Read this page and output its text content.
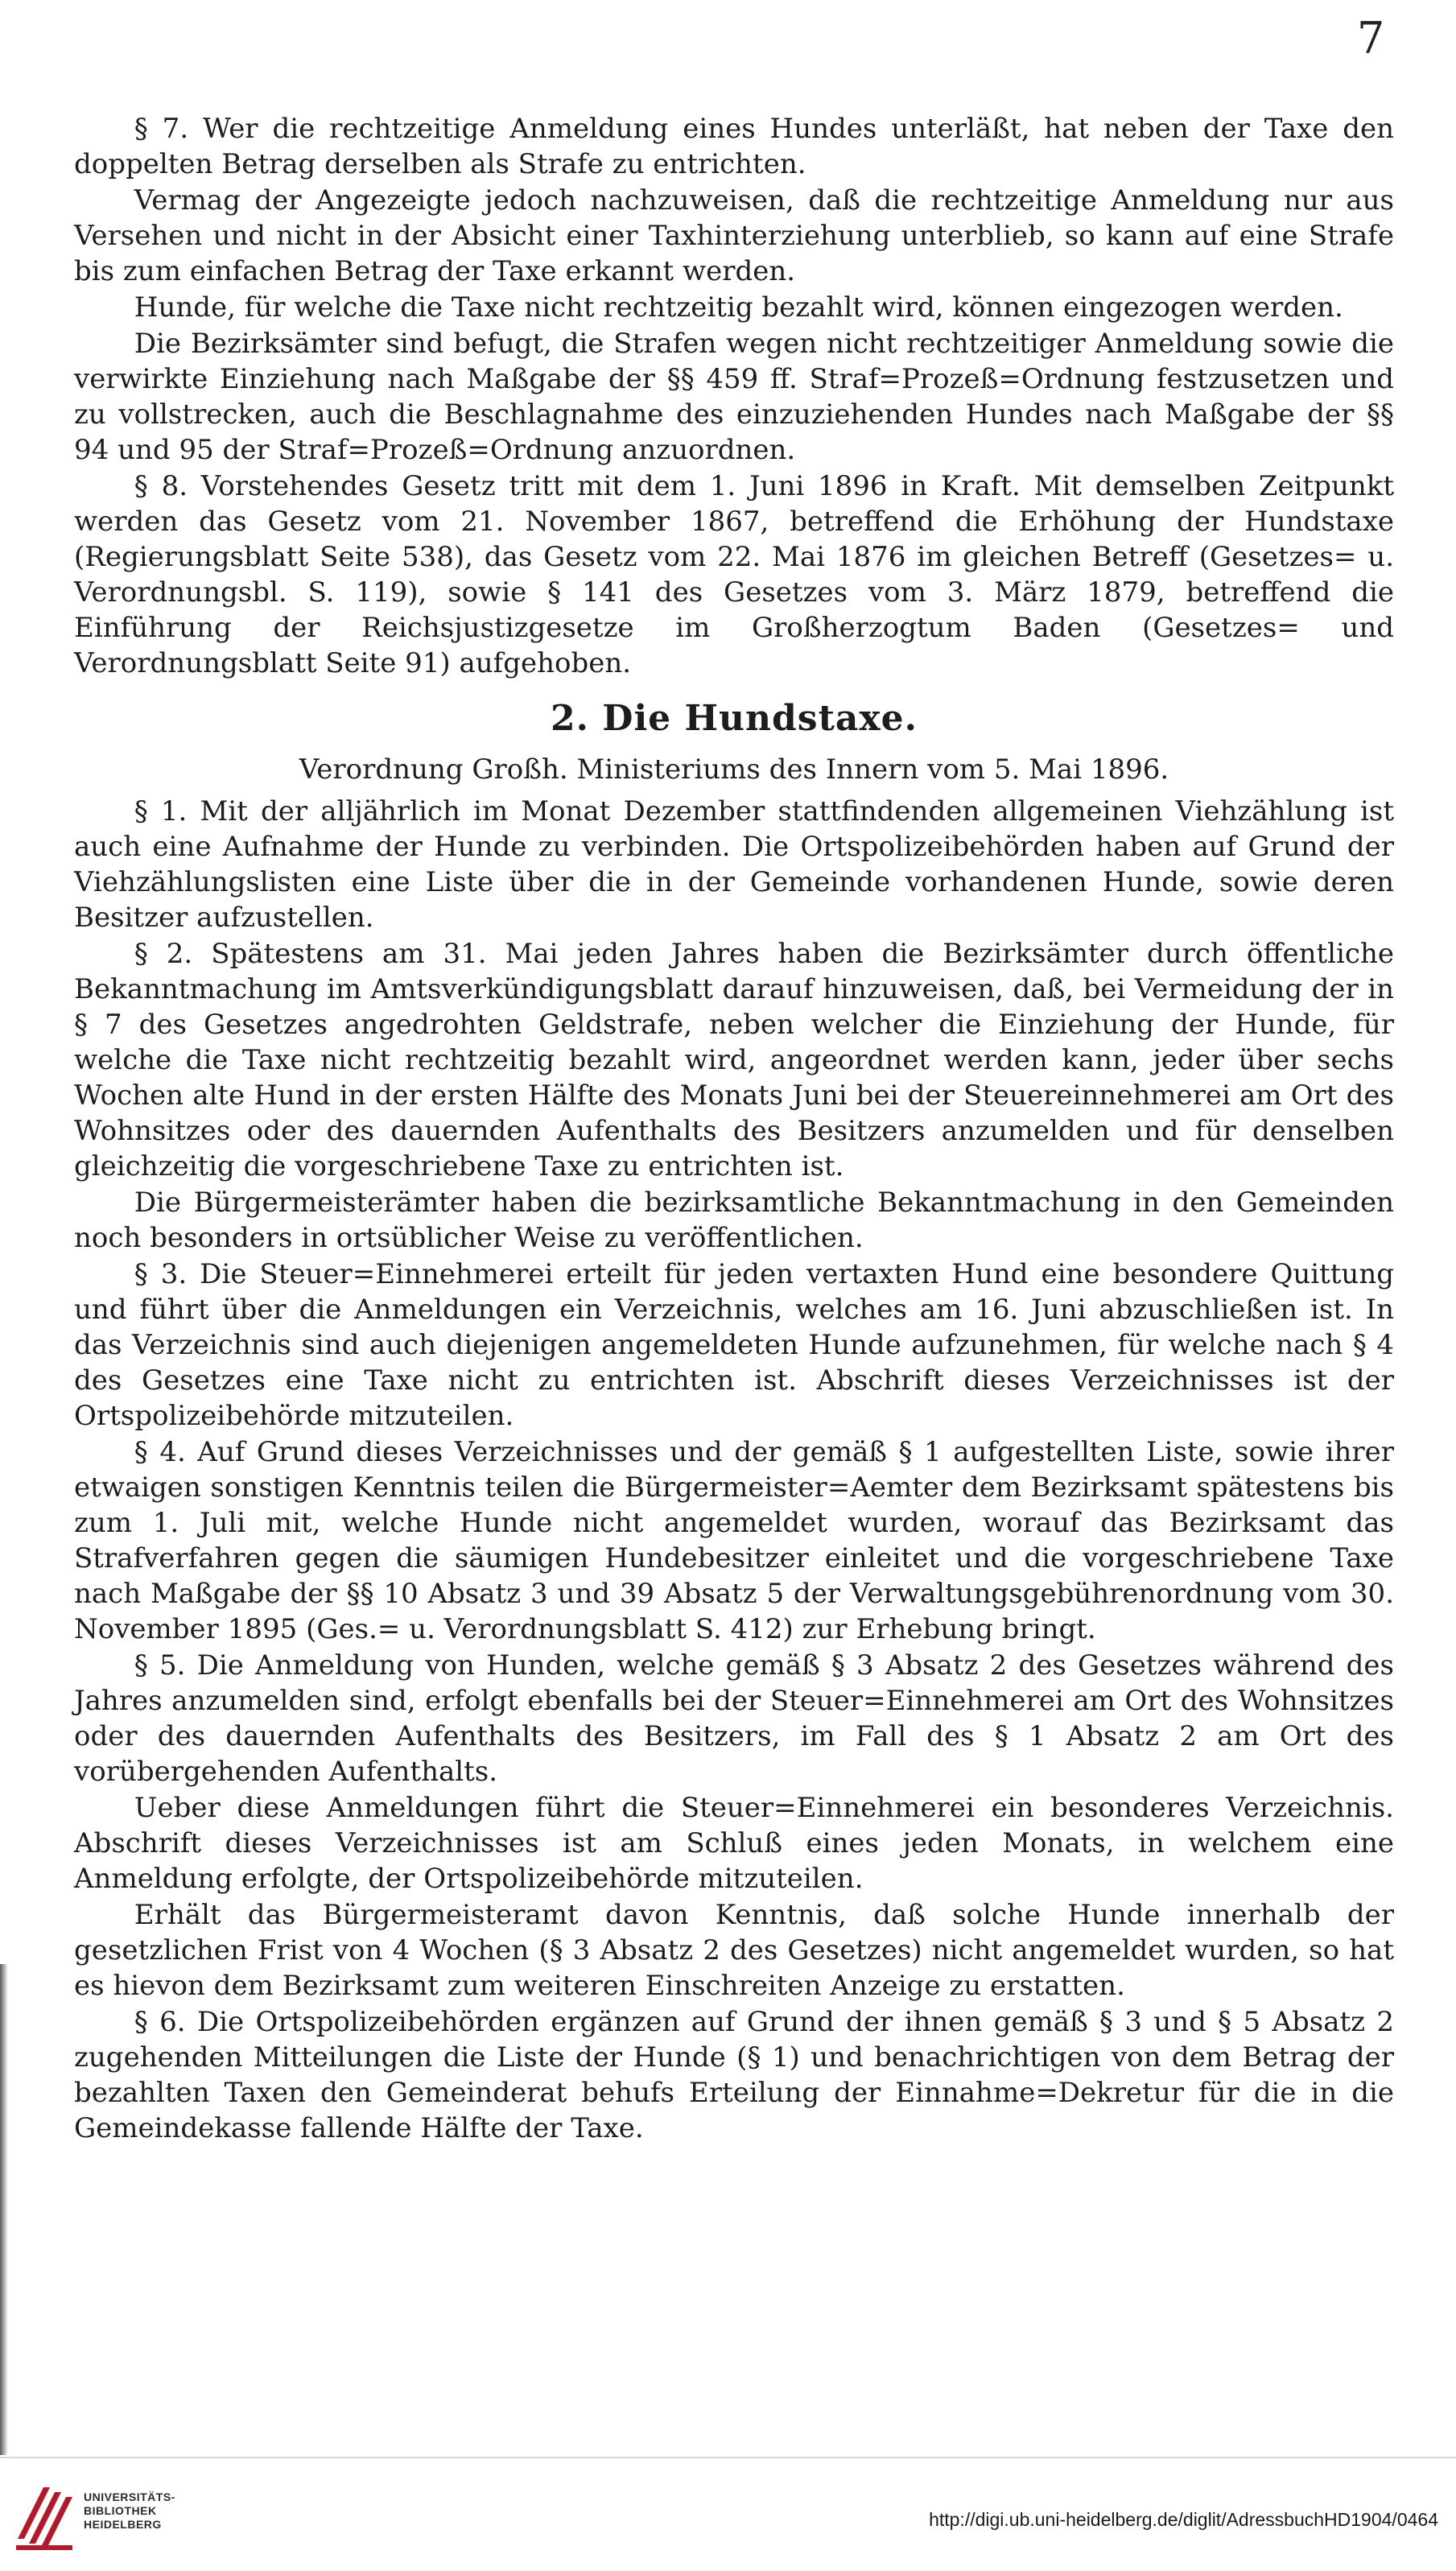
7

§ 7. Wer die rechtzeitige Anmeldung eines Hundes unterläßt, hat neben der Taxe den doppelten Betrag derselben als Strafe zu entrichten.

Vermag der Angezeigte jedoch nachzuweisen, daß die rechtzeitige Anmeldung nur aus Versehen und nicht in der Absicht einer Taxhinterziehung unterblieb, so kann auf eine Strafe bis zum einfachen Betrag der Taxe erkannt werden.

Hunde, für welche die Taxe nicht rechtzeitig bezahlt wird, können eingezogen werden.

Die Bezirksämter sind befugt, die Strafen wegen nicht rechtzeitiger Anmeldung sowie die verwirkte Einziehung nach Maßgabe der §§ 459 ff. Straf=Prozeß=Ordnung festzusetzen und zu vollstrecken, auch die Beschlagnahme des einzuziehenden Hundes nach Maßgabe der §§ 94 und 95 der Straf=Prozeß=Ordnung anzuordnen.

§ 8. Vorstehendes Gesetz tritt mit dem 1. Juni 1896 in Kraft. Mit demselben Zeitpunkt werden das Gesetz vom 21. November 1867, betreffend die Erhöhung der Hundstaxe (Regierungsblatt Seite 538), das Gesetz vom 22. Mai 1876 im gleichen Betreff (Gesetzes= u. Verordnungsbl. S. 119), sowie § 141 des Gesetzes vom 3. März 1879, betreffend die Einführung der Reichsjustizgesetze im Großherzogtum Baden (Gesetzes= und Verordnungsblatt Seite 91) aufgehoben.

2. Die Hundstaxe.

Verordnung Großh. Ministeriums des Innern vom 5. Mai 1896.

§ 1. Mit der alljährlich im Monat Dezember stattfindenden allgemeinen Viehzählung ist auch eine Aufnahme der Hunde zu verbinden. Die Ortspolizeibehörden haben auf Grund der Viehzählungslisten eine Liste über die in der Gemeinde vorhandenen Hunde, sowie deren Besitzer aufzustellen.

§ 2. Spätestens am 31. Mai jeden Jahres haben die Bezirksämter durch öffentliche Bekanntmachung im Amtsverkündigungsblatt darauf hinzuweisen, daß, bei Vermeidung der in § 7 des Gesetzes angedrohten Geldstrafe, neben welcher die Einziehung der Hunde, für welche die Taxe nicht rechtzeitig bezahlt wird, angeordnet werden kann, jeder über sechs Wochen alte Hund in der ersten Hälfte des Monats Juni bei der Steuereinnehmerei am Ort des Wohnsitzes oder des dauernden Aufenthalts des Besitzers anzumelden und für denselben gleichzeitig die vorgeschriebene Taxe zu entrichten ist.

Die Bürgermeisterämter haben die bezirksamtliche Bekanntmachung in den Gemeinden noch besonders in ortsüblicher Weise zu veröffentlichen.

§ 3. Die Steuer=Einnehmerei erteilt für jeden vertaxten Hund eine besondere Quittung und führt über die Anmeldungen ein Verzeichnis, welches am 16. Juni abzuschließen ist. In das Verzeichnis sind auch diejenigen angemeldeten Hunde aufzunehmen, für welche nach § 4 des Gesetzes eine Taxe nicht zu entrichten ist. Abschrift dieses Verzeichnisses ist der Ortspolizeibehörde mitzuteilen.

§ 4. Auf Grund dieses Verzeichnisses und der gemäß § 1 aufgestellten Liste, sowie ihrer etwaigen sonstigen Kenntnis teilen die Bürgermeister=Aemter dem Bezirksamt spätestens bis zum 1. Juli mit, welche Hunde nicht angemeldet wurden, worauf das Bezirksamt das Strafverfahren gegen die säumigen Hundebesitzer einleitet und die vorgeschriebene Taxe nach Maßgabe der §§ 10 Absatz 3 und 39 Absatz 5 der Verwaltungsgebührenordnung vom 30. November 1895 (Ges.= u. Verordnungsblatt S. 412) zur Erhebung bringt.

§ 5. Die Anmeldung von Hunden, welche gemäß § 3 Absatz 2 des Gesetzes während des Jahres anzumelden sind, erfolgt ebenfalls bei der Steuer=Einnehmerei am Ort des Wohnsitzes oder des dauernden Aufenthalts des Besitzers, im Fall des § 1 Absatz 2 am Ort des vorübergehenden Aufenthalts.

Ueber diese Anmeldungen führt die Steuer=Einnehmerei ein besonderes Verzeichnis. Abschrift dieses Verzeichnisses ist am Schluß eines jeden Monats, in welchem eine Anmeldung erfolgte, der Ortspolizeibehörde mitzuteilen.

Erhält das Bürgermeisteramt davon Kenntnis, daß solche Hunde innerhalb der gesetzlichen Frist von 4 Wochen (§ 3 Absatz 2 des Gesetzes) nicht angemeldet wurden, so hat es hievon dem Bezirksamt zum weiteren Einschreiten Anzeige zu erstatten.

§ 6. Die Ortspolizeibehörden ergänzen auf Grund der ihnen gemäß § 3 und § 5 Absatz 2 zugehenden Mitteilungen die Liste der Hunde (§ 1) und benachrichtigen von dem Betrag der bezahlten Taxen den Gemeinderat behufs Erteilung der Einnahme=Dekretur für die in die Gemeindekasse fallende Hälfte der Taxe.

UNIVERSITÄTS-
BIBLIOTHEK
HEIDELBERG	http://digi.ub.uni-heidelberg.de/diglit/AdressbuchHD1904/0464
